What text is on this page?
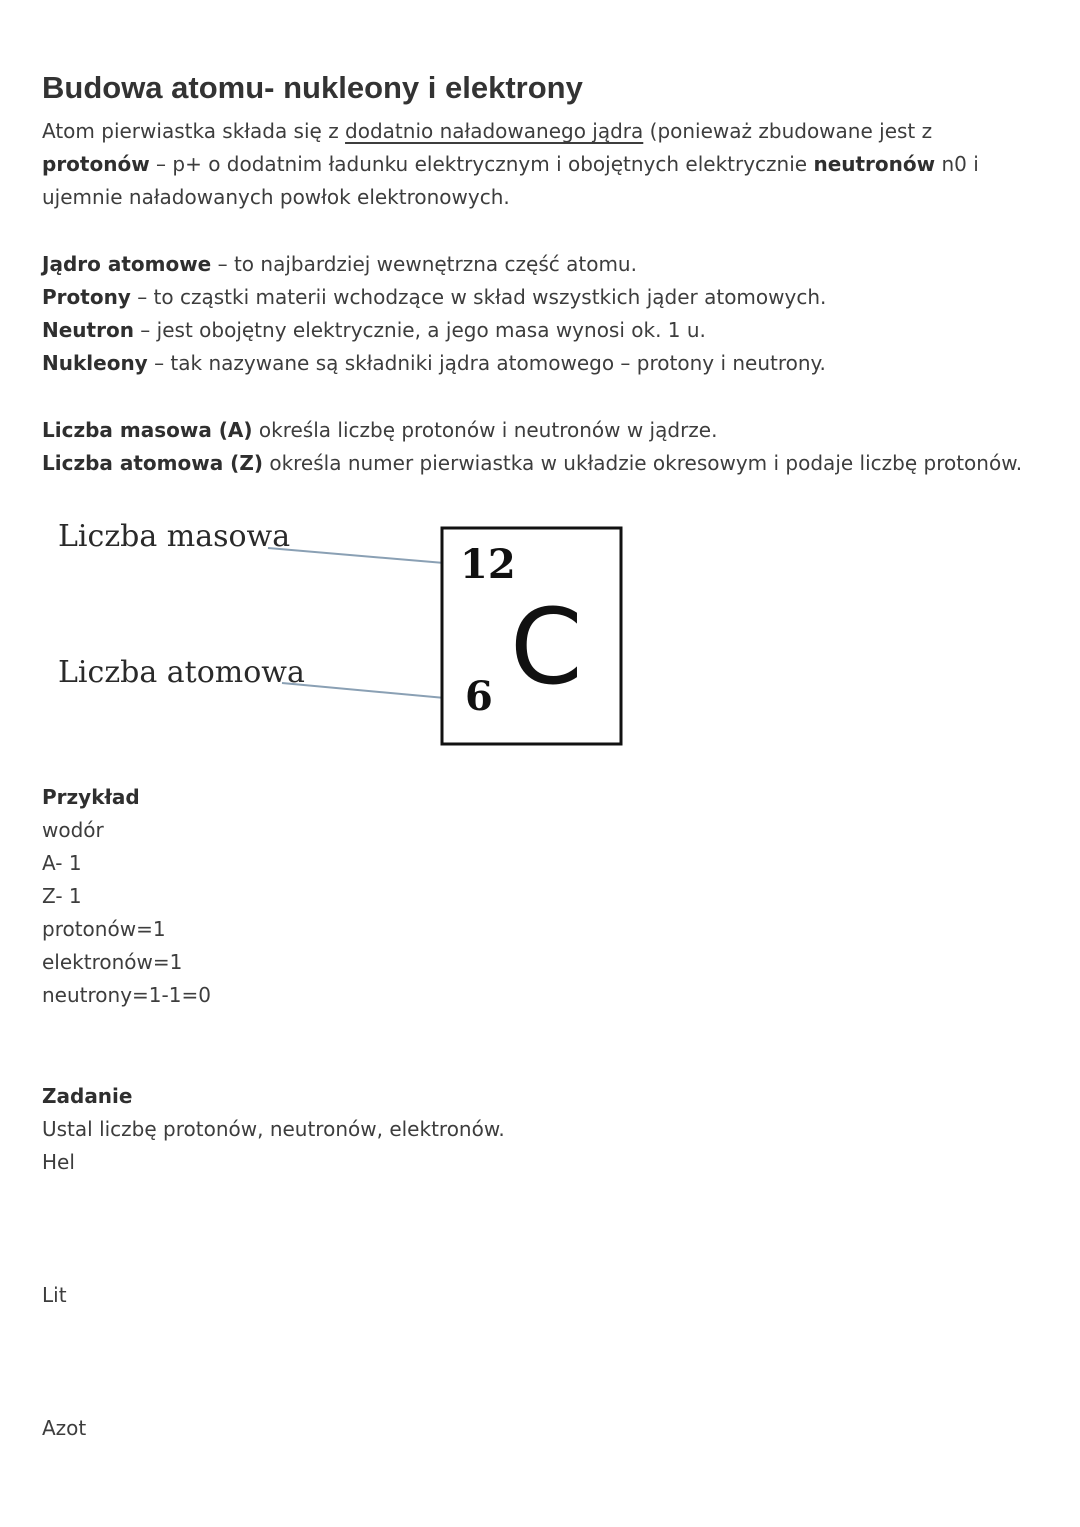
Budowa atomu- nukleony i elektrony
Atom pierwiastka składa się z dodatnio naładowanego jądra (ponieważ zbudowane jest z
protonów – p+ o dodatnim ładunku elektrycznym i obojętnych elektrycznie neutronów n0 i
ujemnie naładowanych powłok elektronowych.
Jądro atomowe – to najbardziej wewnętrzna część atomu.
Protony – to cząstki materii wchodzące w skład wszystkich jąder atomowych.
Neutron – jest obojętny elektrycznie, a jego masa wynosi ok. 1 u.
Nukleony – tak nazywane są składniki jądra atomowego – protony i neutrony.
Liczba masowa (A) określa liczbę protonów i neutronów w jądrze.
Liczba atomowa (Z) określa numer pierwiastka w układzie okresowym i podaje liczbę protonów.
Liczba masowa
Liczba atomowa
12
6 C
Przykład
wodór
A- 1
Z- 1
protonów=1
elektronów=1
neutrony=1-1=0
Zadanie
Ustal liczbę protonów, neutronów, elektronów.
Hel
Lit
Azot
